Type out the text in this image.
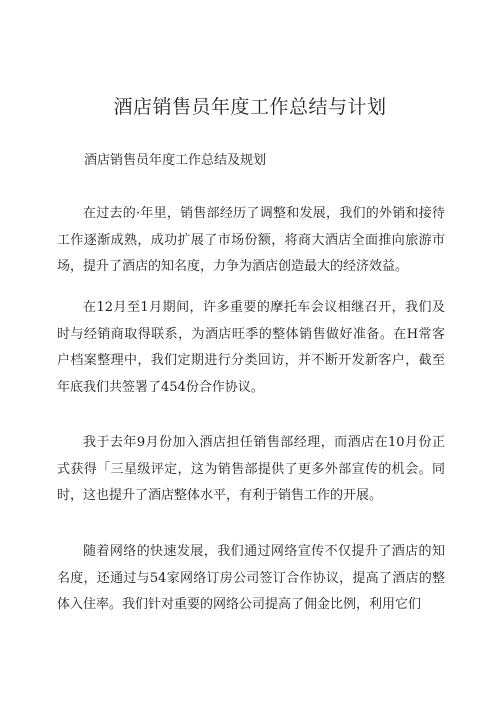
酒店销售员年度工作总结与计划

酒店销售员年度工作总结及规划

在过去的·年里，销售部经历了调整和发展，我们的外销和接待工作逐渐成熟，成功扩展了市场份额，将商大酒店全面推向旅游市场，提升了酒店的知名度，力争为酒店创造最大的经济效益。

在12月至1月期间，许多重要的摩托车会议相继召开，我们及时与经销商取得联系，为酒店旺季的整体销售做好准备。在H常客户档案整理中，我们定期进行分类回访，并不断开发新客户，截至年底我们共签署了454份合作协议。

我于去年9月份加入酒店担任销售部经理，而酒店在10月份正式获得「三星级评定，这为销售部提供了更多外部宣传的机会。同时，这也提升了酒店整体水平，有利于销售工作的开展。

随着网络的快速发展，我们通过网络宣传不仅提升了酒店的知名度，还通过与54家网络订房公司签订合作协议，提高了酒店的整体入住率。我们针对重要的网络公司提高了佣金比例，利用它们
